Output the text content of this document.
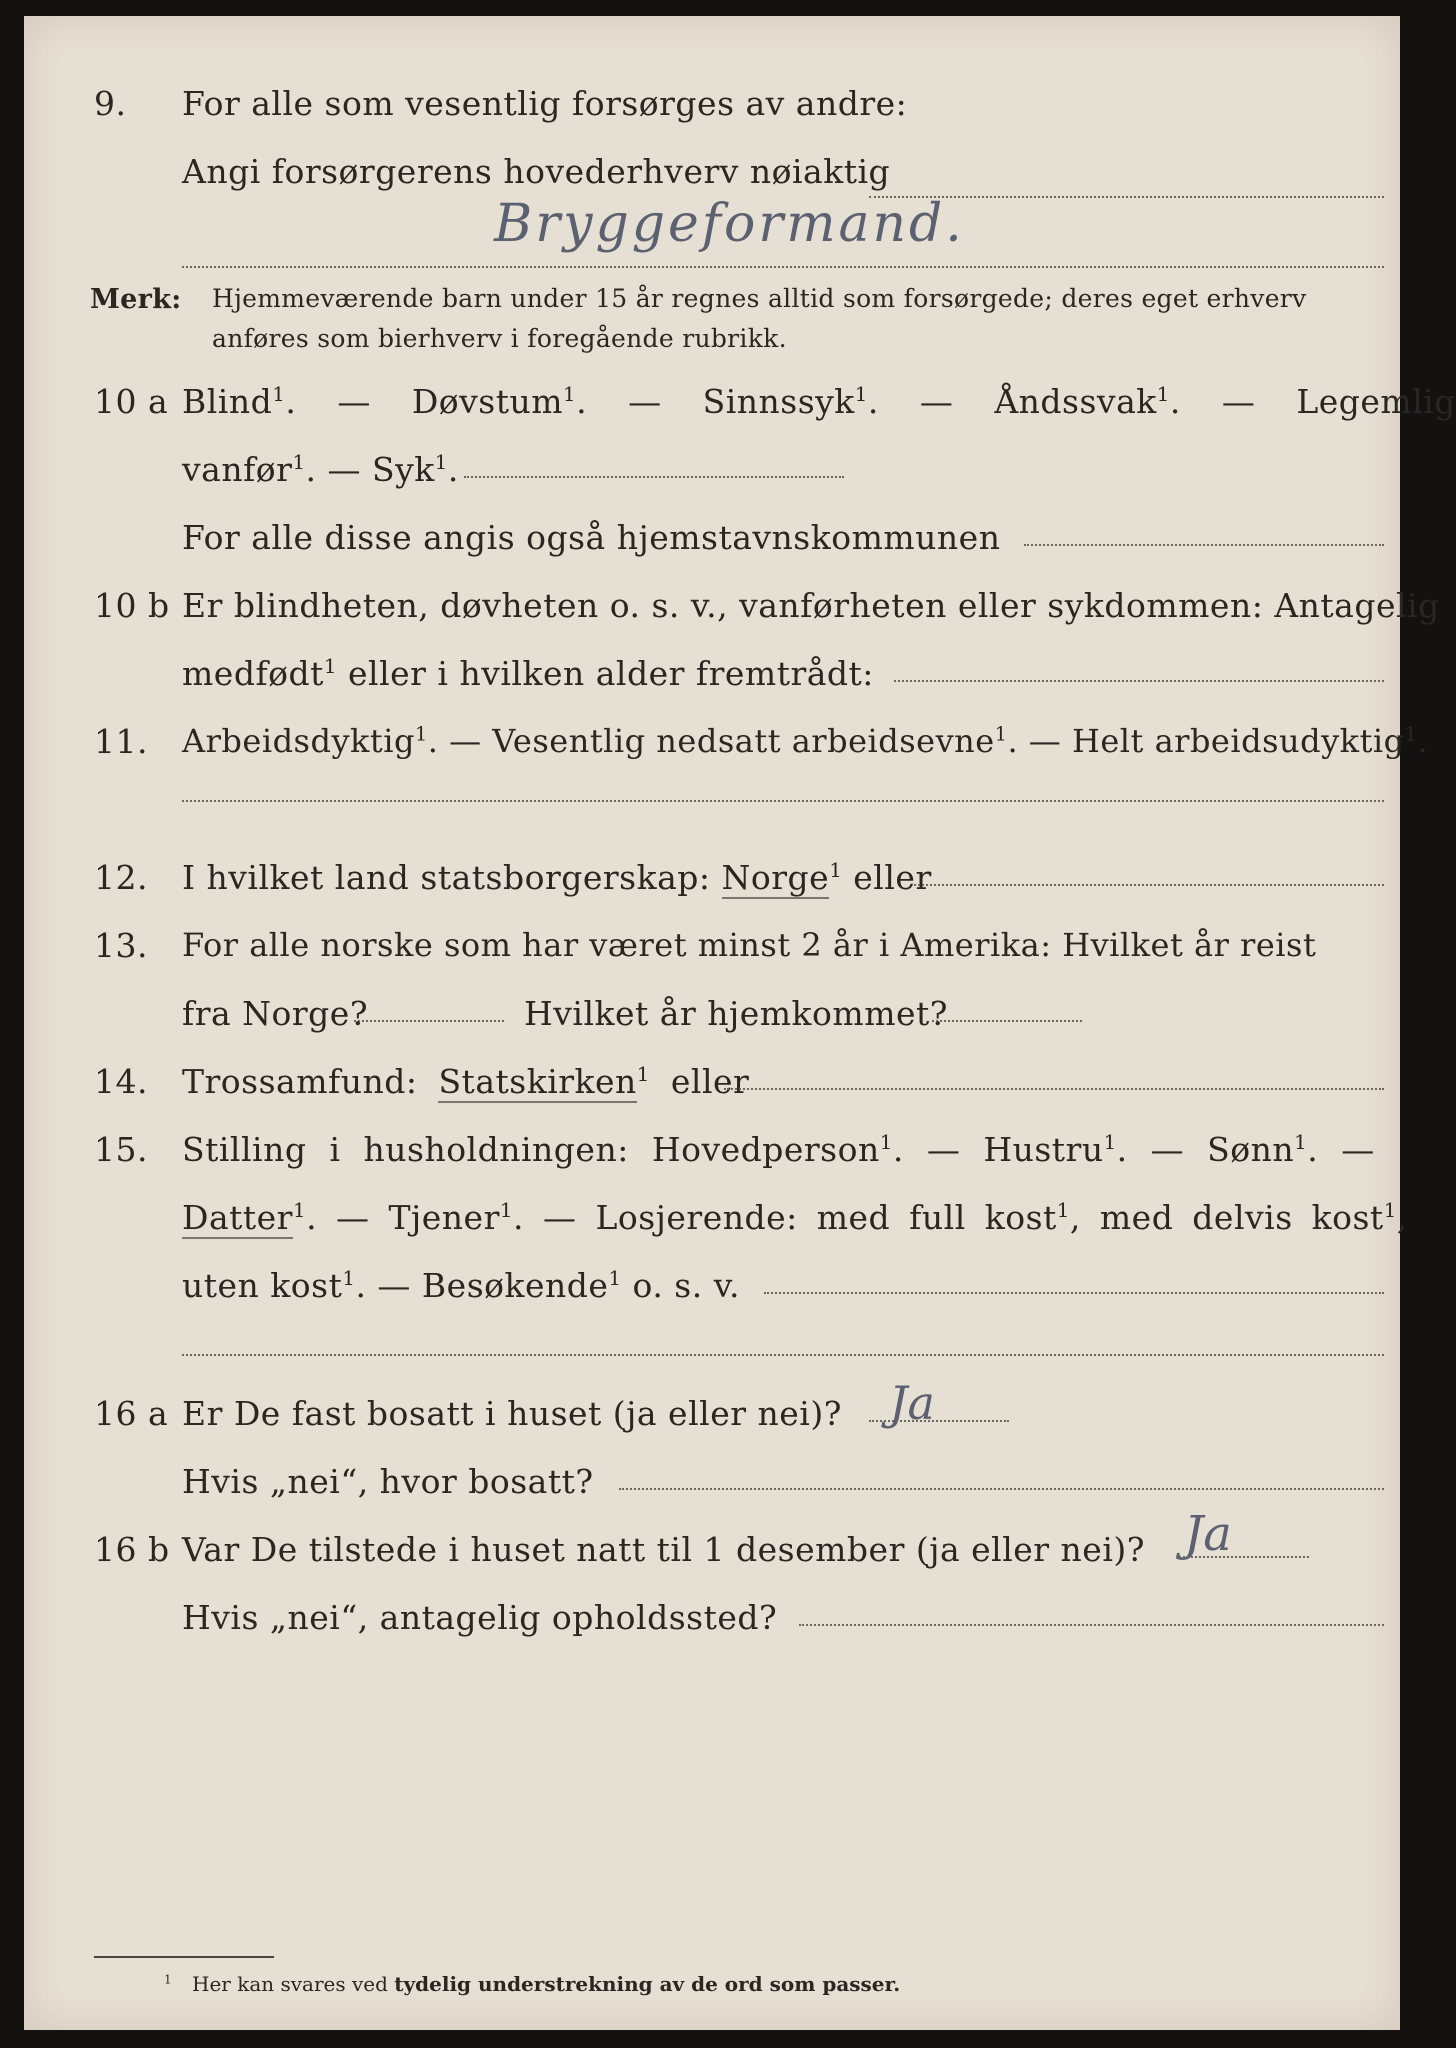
9. For alle som vesentlig forsørges av andre:
Angi forsørgerens hovederhverv nøiaktig
Bryggeformand.
Merk: Hjemmeværende barn under 15 år regnes alltid som forsørgede; deres eget erhverv
anføres som bierhverv i foregående rubrikk.
10 a Blind$^1$. — Døvstum$^1$. — Sinnssyk$^1$. — Åndssvak$^1$. — Legemlig
vanfør$^1$. — Syk$^1$.
For alle disse angis også hjemstavnskommunen
10 b Er blindheten, døvheten o. s. v., vanførheten eller sykdommen: Antagelig
medfødt$^1$ eller i hvilken alder fremtrådt:
11. Arbeidsdyktig$^1$. — Vesentlig nedsatt arbeidsevne$^1$. — Helt arbeidsudyktig$^1$.
12. I hvilket land statsborgerskap: Norge$^1$ eller
13. For alle norske som har været minst 2 år i Amerika: Hvilket år reist
fra Norge?	Hvilket år hjemkommet?
14. Trossamfund: Statskirken$^1$ eller
15. Stilling i husholdningen: Hovedperson$^1$. — Hustru$^1$. — Sønn$^1$. —
Datter$^1$. — Tjener$^1$. — Losjerende: med full kost$^1$, med delvis kost$^1$,
uten kost$^1$. — Besøkende$^1$ o. s. v.
16 a Er De fast bosatt i huset (ja eller nei)? Ja
Hvis „nei“, hvor bosatt?
16 b Var De tilstede i huset natt til 1 desember (ja eller nei)? Ja
Hvis „nei“, antagelig opholdssted?
$^1$ Her kan svares ved tydelig understrekning av de ord som passer.
